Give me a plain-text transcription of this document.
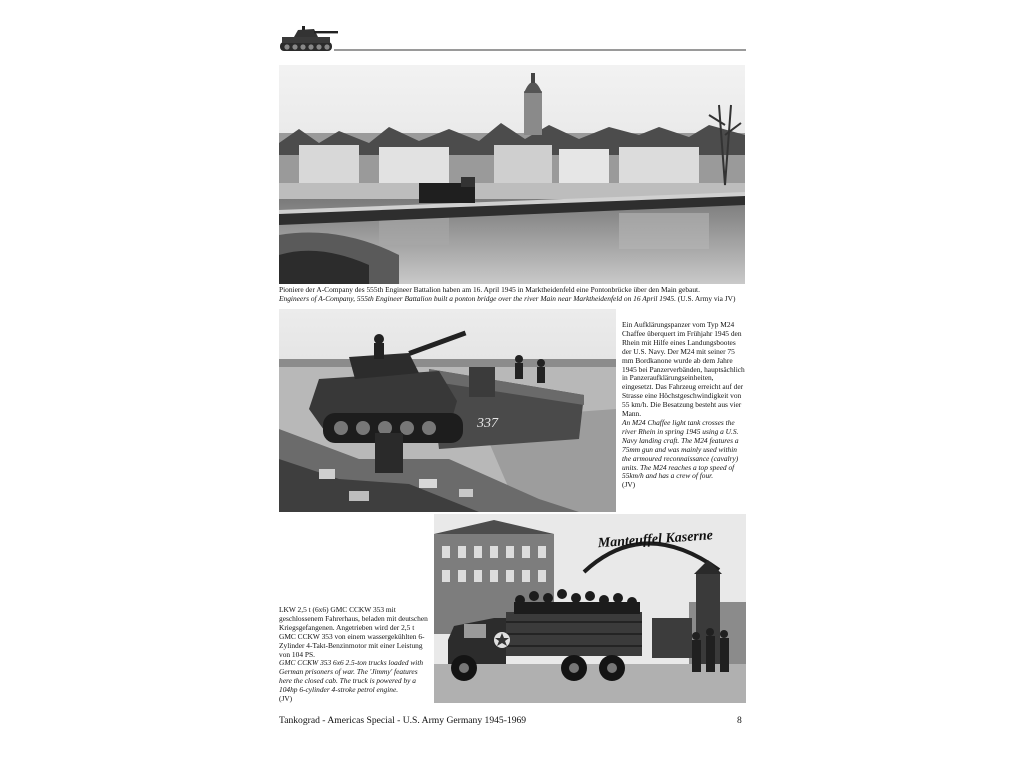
Pioniere der A-Company des 555th Engineer Battalion haben am 16. April 1945 in Marktheidenfeld eine Pontonbrücke über den Main gebaut.
Engineers of A-Company, 555th Engineer Battalion built a ponton bridge over the river Main near Marktheidenfeld on 16 April 1945. (U.S. Army via JV)
337
Ein Aufklärungspanzer vom Typ M24 Chaffee überquert im Frühjahr 1945 den Rhein mit Hilfe eines Landungsbootes der U.S. Navy. Der M24 mit seiner 75 mm Bordkanone wurde ab dem Jahre 1945 bei Panzerverbänden, hauptsächlich in Panzeraufklärungseinheiten, eingesetzt. Das Fahrzeug erreicht auf der Strasse eine Höchstgeschwindigkeit von 55 km/h. Die Besatzung besteht aus vier Mann.
An M24 Chaffee light tank crosses the river Rhein in spring 1945 using a U.S. Navy landing craft. The M24 features a 75mm gun and was mainly used within the armoured reconnaissance (cavalry) units. The M24 reaches a top speed of 55km/h and has a crew of four.
(JV)
Manteuffel Kaserne
LKW 2,5 t (6x6) GMC CCKW 353 mit geschlossenem Fahrerhaus, beladen mit deutschen Kriegsgefangenen. Angetrieben wird der 2,5 t GMC CCKW 353 von einem wassergekühlten 6-Zylinder 4-Takt-Benzinmotor mit einer Leistung von 104 PS.
GMC CCKW 353 6x6 2.5-ton trucks loaded with German prisoners of war. The 'Jimmy' features here the closed cab. The truck is powered by a 104hp 6-cylinder 4-stroke petrol engine.
(JV)
Tankograd - Americas Special - U.S. Army Germany 1945-1969	8
